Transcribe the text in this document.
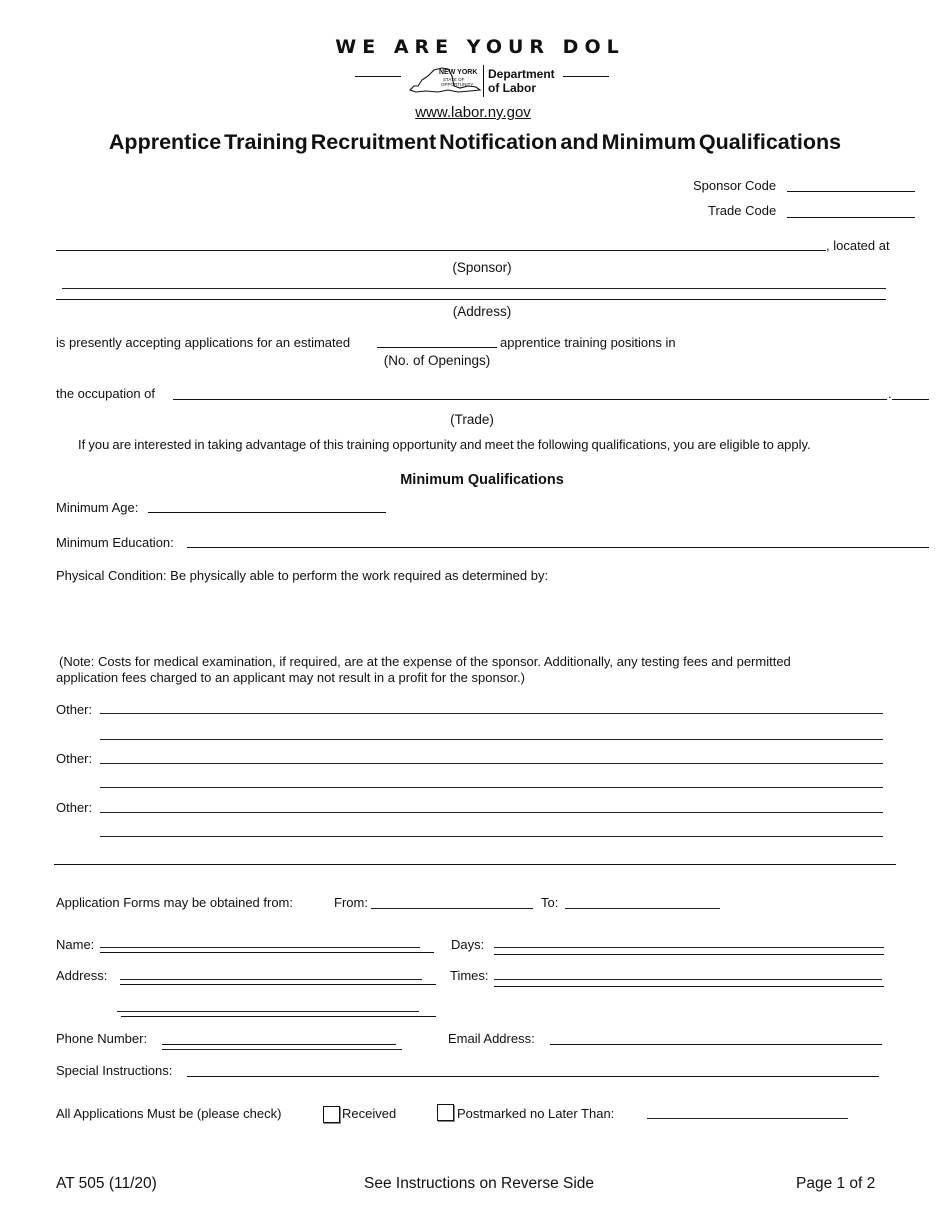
WE ARE YOUR DOL
NEW YORK
STATE OF
OPPORTUNITY.
Department
of Labor
www.labor.ny.gov
Apprentice Training Recruitment Notification and Minimum Qualifications
Sponsor Code
Trade Code
, located at
(Sponsor)
(Address)
is presently accepting applications for an estimated	apprentice training positions in
(No. of Openings)
the occupation of	.
(Trade)
If you are interested in taking advantage of this training opportunity and meet the following qualifications, you are eligible to apply.
Minimum Qualifications
Minimum Age:
Minimum Education:
Physical Condition: Be physically able to perform the work required as determined by:
(Note: Costs for medical examination, if required, are at the expense of the sponsor. Additionally, any testing fees and permitted
application fees charged to an applicant may not result in a profit for the sponsor.)
Other:
Other:
Other:
Application Forms may be obtained from:	From:	To:
Name:	Days:
Address:	Times:
Phone Number:	Email Address:
Special Instructions:
All Applications Must be (please check)	Received	Postmarked no Later Than:
AT 505 (11/20)	See Instructions on Reverse Side	Page 1 of 2
